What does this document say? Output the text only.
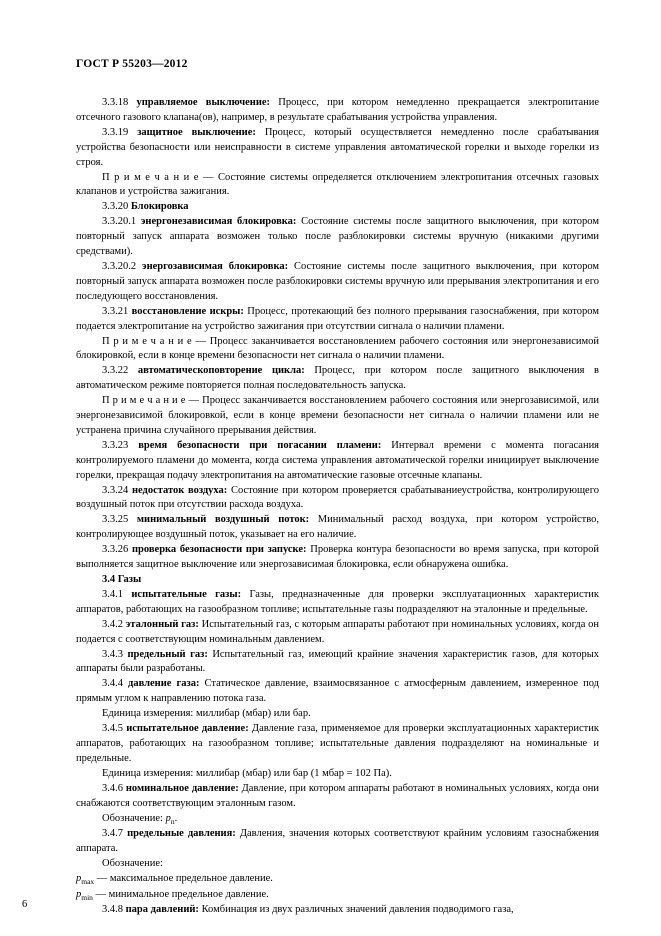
ГОСТ Р 55203—2012

3.3.18 управляемое выключение: Процесс, при котором немедленно прекращается электропитание отсечного газового клапана(ов), например, в результате срабатывания устройства управления.

3.3.19 защитное выключение: Процесс, который осуществляется немедленно после срабатывания устройства безопасности или неисправности в системе управления автоматической горелки и выходе горелки из строя.

П р и м е ч а н и е — Состояние системы определяется отключением электропитания отсечных газовых клапанов и устройства зажигания.

3.3.20 Блокировка

3.3.20.1 энергонезависимая блокировка: Состояние системы после защитного выключения, при котором повторный запуск аппарата возможен только после разблокировки системы вручную (никакими другими средствами).

3.3.20.2 энергозависимая блокировка: Состояние системы после защитного выключения, при котором повторный запуск аппарата возможен после разблокировки системы вручную или прерывания электропитания и его последующего восстановления.

3.3.21 восстановление искры: Процесс, протекающий без полного прерывания газоснабжения, при котором подается электропитание на устройство зажигания при отсутствии сигнала о наличии пламени.

П р и м е ч а н и е — Процесс заканчивается восстановлением рабочего состояния или энергонезависимой блокировкой, если в конце времени безопасности нет сигнала о наличии пламени.

3.3.22 автоматическоповторение цикла: Процесс, при котором после защитного выключения в автоматическом режиме повторяется полная последовательность запуска.

П р и м е ч а н и е — Процесс заканчивается восстановлением рабочего состояния или энергозависимой, или энергонезависимой блокировкой, если в конце времени безопасности нет сигнала о наличии пламени или не устранена причина случайного прерывания действия.

3.3.23 время безопасности при погасании пламени: Интервал времени с момента погасания контролируемого пламени до момента, когда система управления автоматической горелки инициирует выключение горелки, прекращая подачу электропитания на автоматические газовые отсечные клапаны.

3.3.24 недостаток воздуха: Состояние при котором проверяется срабатываниеустройства, контролирующего воздушный поток при отсутствии расхода воздуха.

3.3.25 минимальный воздушный поток: Минимальный расход воздуха, при котором устройство, контролирующее воздушный поток, указывает на его наличие.

3.3.26 проверка безопасности при запуске: Проверка контура безопасности во время запуска, при которой выполняется защитное выключение или энергозависимая блокировка, если обнаружена ошибка.

3.4 Газы

3.4.1 испытательные газы: Газы, предназначенные для проверки эксплуатационных характеристик аппаратов, работающих на газообразном топливе; испытательные газы подразделяют на эталонные и предельные.

3.4.2 эталонный газ: Испытательный газ, с которым аппараты работают при номинальных условиях, когда он подается с соответствующим номинальным давлением.

3.4.3 предельный газ: Испытательный газ, имеющий крайние значения характеристик газов, для которых аппараты были разработаны.

3.4.4 давление газа: Статическое давление, взаимосвязанное с атмосферным давлением, измеренное под прямым углом к направлению потока газа.

Единица измерения: миллибар (мбар) или бар.

3.4.5 испытательное давление: Давление газа, применяемое для проверки эксплуатационных характеристик аппаратов, работающих на газообразном топливе; испытательные давления подразделяют на номинальные и предельные.

Единица измерения: миллибар (мбар) или бар (1 мбар = 102 Па).

3.4.6 номинальное давление: Давление, при котором аппараты работают в номинальных условиях, когда они снабжаются соответствующим эталонным газом.

Обозначение: $p_n$.

3.4.7 предельные давления: Давления, значения которых соответствуют крайним условиям газоснабжения аппарата.

Обозначение:

$p_{max}$ — максимальное предельное давление.

$p_{min}$ — минимальное предельное давление.

3.4.8 пара давлений: Комбинация из двух различных значений давления подводимого газа,

6
